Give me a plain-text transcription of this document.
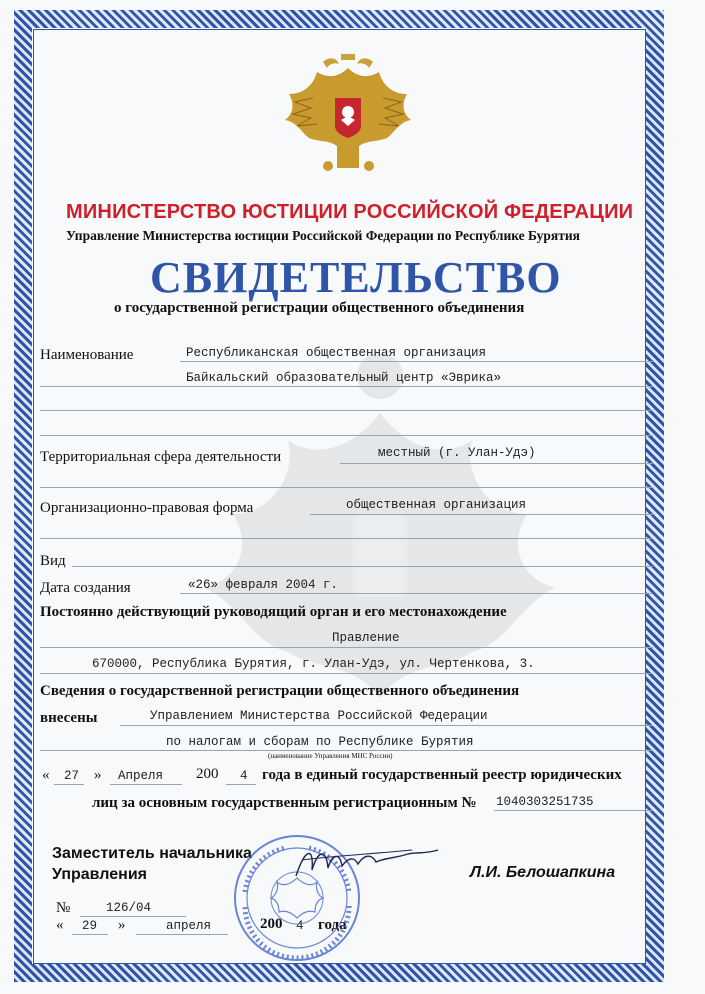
МИНИСТЕРСТВО ЮСТИЦИИ РОССИЙСКОЙ ФЕДЕРАЦИИ
Управление Министерства юстиции Российской Федерации по Республике Бурятия
СВИДЕТЕЛЬСТВО
о государственной регистрации общественного объединения
Наименование	Республиканская общественная организация
Байкальский образовательный центр «Эврика»
Территориальная сфера деятельности	местный (г. Улан-Удэ)
Организационно-правовая форма	общественная организация
Вид
Дата создания	«26» февраля 2004 г.
Постоянно действующий руководящий орган и его местонахождение
Правление
670000, Республика Бурятия, г. Улан-Удэ, ул. Чертенкова, 3.
Сведения о государственной регистрации общественного объединения
внесены	Управлением Министерства Российской Федерации
по налогам и сборам по Республике Бурятия
(наименование Управления МНС России)
« 27 » Апреля 200 4 года в единый государственный реестр юридических
лиц за основным государственным регистрационным № 1040303251735
Заместитель начальника
Управления	Л.И. Белошапкина
№	126/04
« 29 »	апреля	200 4 года
